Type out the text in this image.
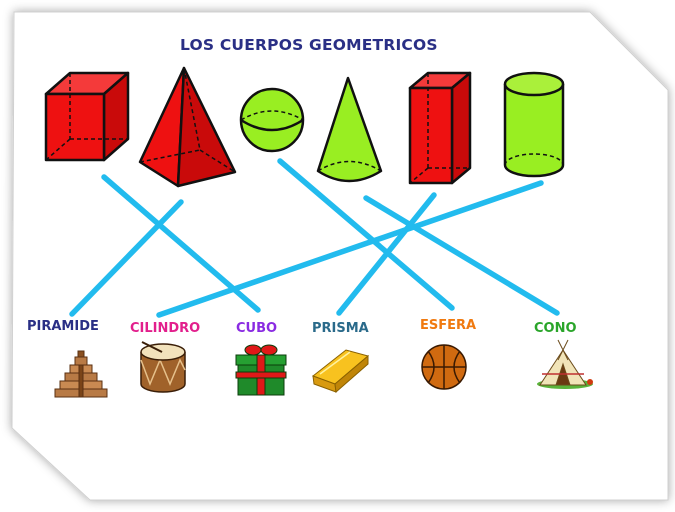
LOS CUERPOS GEOMETRICOS
PIRAMIDE CILINDRO	CUBO	PRISMA	ESFERA	CONO
